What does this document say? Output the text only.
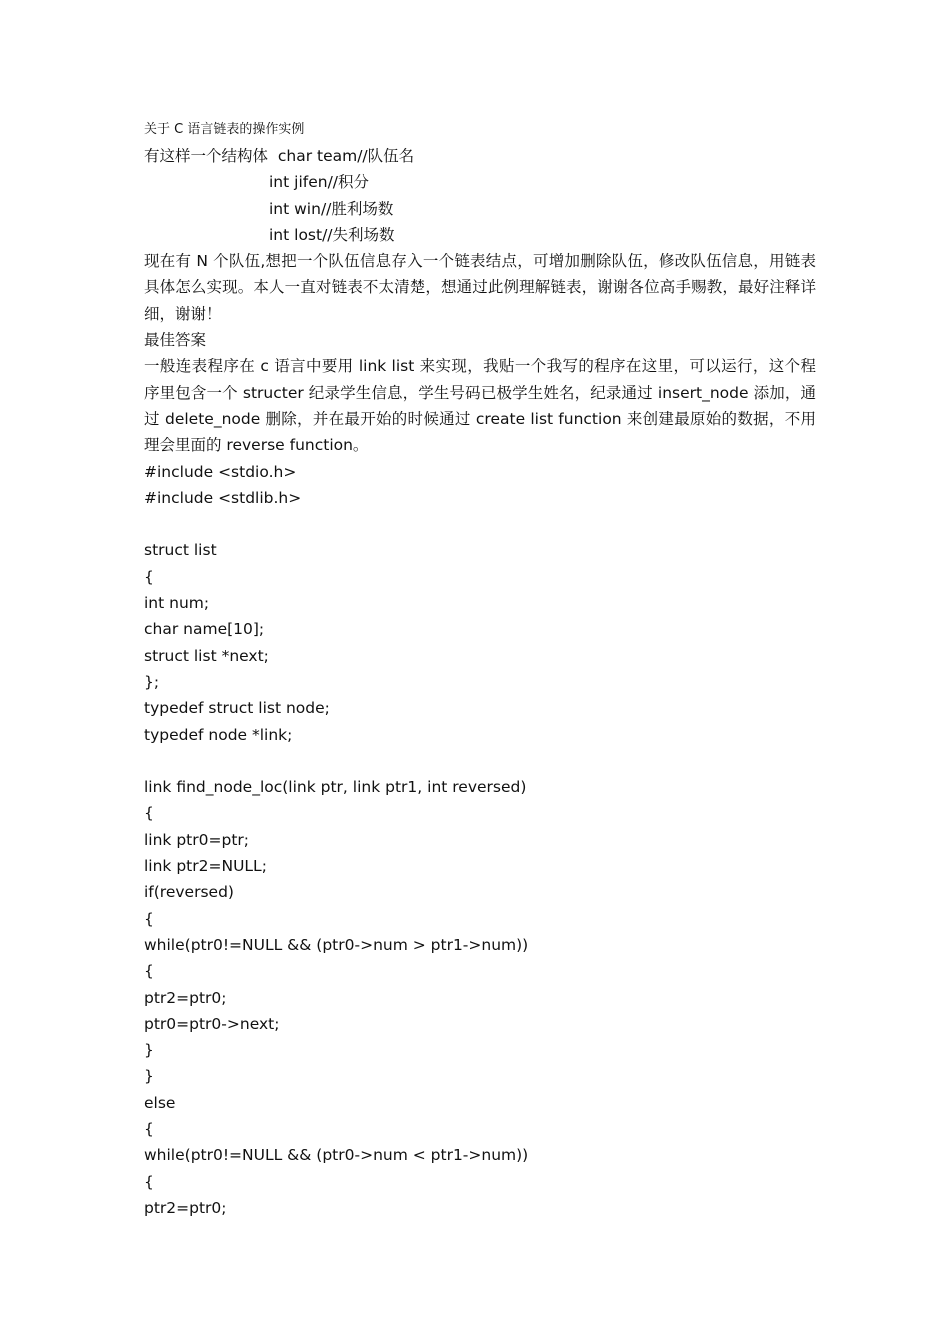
关于 C 语言链表的操作实例

有这样一个结构体  char team//队伍名

int jifen//积分

int win//胜利场数

int lost//失利场数

现在有 N 个队伍,想把一个队伍信息存入一个链表结点，可增加删除队伍，修改队伍信息，用链表具体怎么实现。本人一直对链表不太清楚，想通过此例理解链表，谢谢各位高手赐教，最好注释详细，谢谢！

最佳答案

一般连表程序在 c 语言中要用 link list 来实现，我贴一个我写的程序在这里，可以运行，这个程序里包含一个 structer 纪录学生信息，学生号码已极学生姓名，纪录通过 insert_node 添加，通过 delete_node 删除，并在最开始的时候通过 create list function 来创建最原始的数据，不用理会里面的 reverse function。

#include <stdio.h>

#include <stdlib.h>

struct list

{

int num;

char name[10];

struct list *next;

};

typedef struct list node;

typedef node *link;

link find_node_loc(link ptr, link ptr1, int reversed)

{

link ptr0=ptr;

link ptr2=NULL;

if(reversed)

{

while(ptr0!=NULL && (ptr0->num > ptr1->num))

{

ptr2=ptr0;

ptr0=ptr0->next;

}

}

else

{

while(ptr0!=NULL && (ptr0->num < ptr1->num))

{

ptr2=ptr0;
